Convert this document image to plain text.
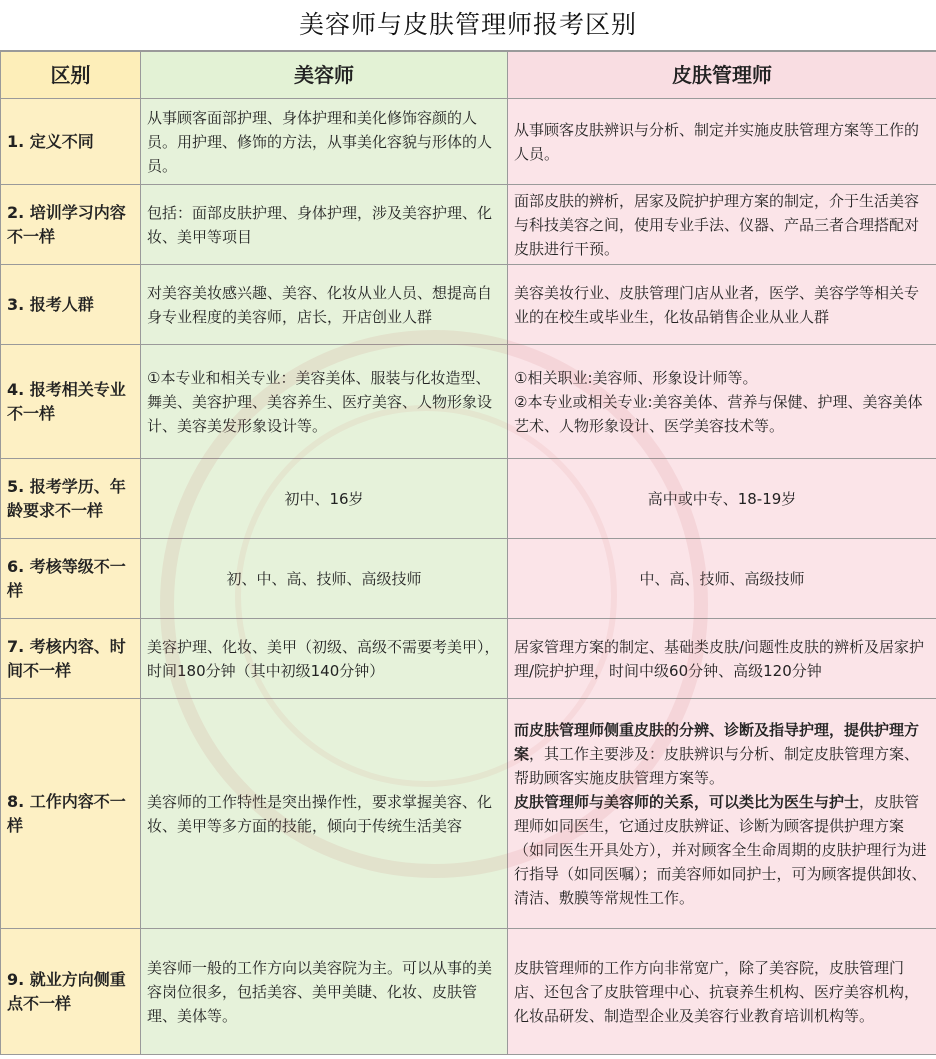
美容师与皮肤管理师报考区别
区别	美容师	皮肤管理师
1. 定义不同	从事顾客面部护理、身体护理和美化修饰容颜的人员。用护理、修饰的方法，从事美化容貌与形体的人员。	从事顾客皮肤辨识与分析、制定并实施皮肤管理方案等工作的人员。
2. 培训学习内容不一样	包括：面部皮肤护理、身体护理，涉及美容护理、化妆、美甲等项目	面部皮肤的辨析，居家及院护护理方案的制定，介于生活美容与科技美容之间，使用专业手法、仪器、产品三者合理搭配对皮肤进行干预。
3. 报考人群	对美容美妆感兴趣、美容、化妆从业人员、想提高自身专业程度的美容师，店长，开店创业人群	美容美妆行业、皮肤管理门店从业者，医学、美容学等相关专业的在校生或毕业生，化妆品销售企业从业人群
4. 报考相关专业不一样	①本专业和相关专业：美容美体、服装与化妆造型、舞美、美容护理、美容养生、医疗美容、人物形象设计、美容美发形象设计等。	①相关职业:美容师、形象设计师等。
②本专业或相关专业:美容美体、营养与保健、护理、美容美体艺术、人物形象设计、医学美容技术等。

5. 报考学历、年龄要求不一样	初中、16岁	高中或中专、18-19岁
6. 考核等级不一样	初、中、高、技师、高级技师	中、高、技师、高级技师
7. 考核内容、时间不一样	美容护理、化妆、美甲（初级、高级不需要考美甲），时间180分钟（其中初级140分钟）	居家管理方案的制定、基础类皮肤/问题性皮肤的辨析及居家护理/院护护理，时间中级60分钟、高级120分钟
8. 工作内容不一样	美容师的工作特性是突出操作性，要求掌握美容、化妆、美甲等多方面的技能，倾向于传统生活美容	而皮肤管理师侧重皮肤的分辨、诊断及指导护理，提供护理方案，其工作主要涉及：皮肤辨识与分析、制定皮肤管理方案、帮助顾客实施皮肤管理方案等。
皮肤管理师与美容师的关系，可以类比为医生与护士，皮肤管理师如同医生，它通过皮肤辨证、诊断为顾客提供护理方案（如同医生开具处方），并对顾客全生命周期的皮肤护理行为进行指导（如同医嘱）；而美容师如同护士，可为顾客提供卸妆、清洁、敷膜等常规性工作。
9. 就业方向侧重点不一样	美容师一般的工作方向以美容院为主。可以从事的美容岗位很多，包括美容、美甲美睫、化妆、皮肤管理、美体等。	皮肤管理师的工作方向非常宽广，除了美容院，皮肤管理门店、还包含了皮肤管理中心、抗衰养生机构、医疗美容机构，化妆品研发、制造型企业及美容行业教育培训机构等。
